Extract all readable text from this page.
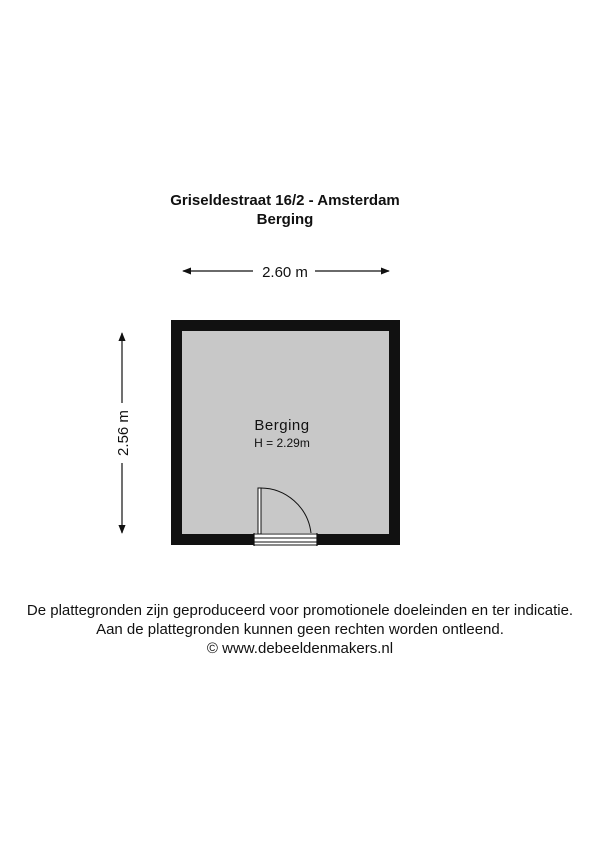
Griseldestraat 16/2 - Amsterdam
Berging
2.60 m
2.56 m	Berging
H = 2.29m
De plattegronden zijn geproduceerd voor promotionele doeleinden en ter indicatie.
Aan de plattegronden kunnen geen rechten worden ontleend.
© www.debeeldenmakers.nl
